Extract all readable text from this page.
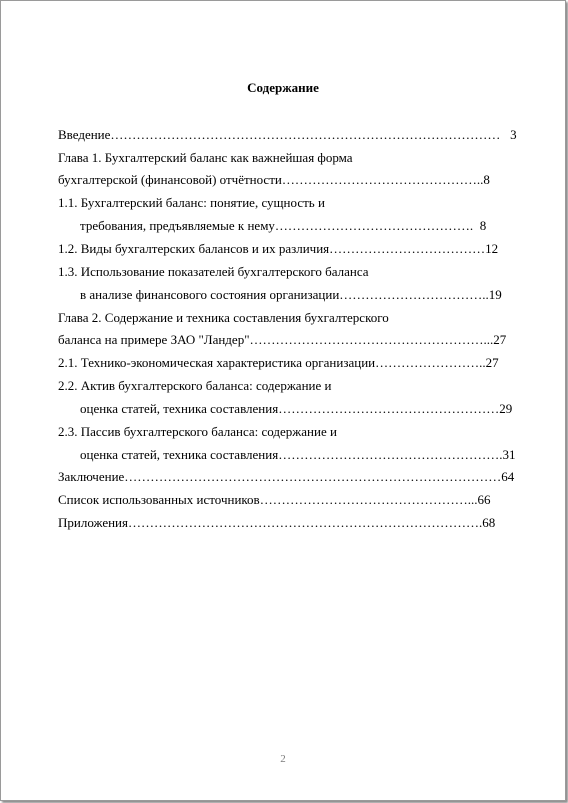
Содержание
Введение………………………………………………………………………………   3
Глава 1. Бухгалтерский баланс как важнейшая форма
бухгалтерской (финансовой) отчётности………………………………………..8
1.1. Бухгалтерский баланс: понятие, сущность и
требования, предъявляемые к нему……………………………………….  8
1.2. Виды бухгалтерских балансов и их различия………………………………12
1.3. Использование показателей бухгалтерского баланса
в анализе финансового состояния организации……………………………..19
Глава 2. Содержание и техника составления бухгалтерского
баланса на примере ЗАО "Ландер"………………………………………………...27
2.1. Технико-экономическая характеристика организации……………………..27
2.2. Актив бухгалтерского баланса: содержание и
оценка статей, техника составления……………………………………………29
2.3. Пассив бухгалтерского баланса: содержание и
оценка статей, техника составления…………………………………………….31
Заключение……………………………………………………………………………64
Список использованных источников…………………………………………...66
Приложения……………………………………………………………………….68
2
